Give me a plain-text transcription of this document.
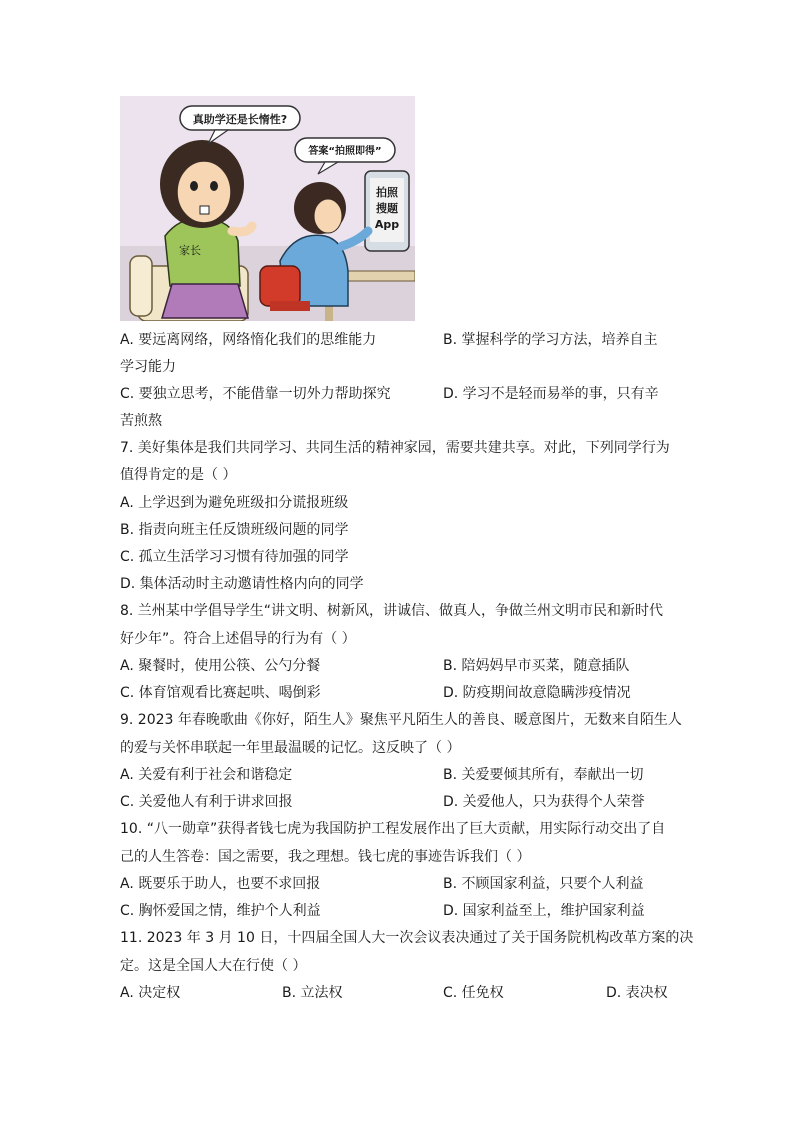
家长
真助学还是长惰性?
答案“拍照即得”
拍照
搜题
App
A. 要远离网络，网络惰化我们的思维能力	B. 掌握科学的学习方法，培养自主
学习能力
C. 要独立思考，不能借靠一切外力帮助探究	D. 学习不是轻而易举的事，只有辛
苦煎熬
7. 美好集体是我们共同学习、共同生活的精神家园，需要共建共享。对此，下列同学行为
值得肯定的是（ ）
A. 上学迟到为避免班级扣分谎报班级
B. 指责向班主任反馈班级问题的同学
C. 孤立生活学习习惯有待加强的同学
D. 集体活动时主动邀请性格内向的同学
8. 兰州某中学倡导学生“讲文明、树新风，讲诚信、做真人，争做兰州文明市民和新时代
好少年”。符合上述倡导的行为有（ ）
A. 聚餐时，使用公筷、公勺分餐	B. 陪妈妈早市买菜，随意插队
C. 体育馆观看比赛起哄、喝倒彩	D. 防疫期间故意隐瞒涉疫情况
9. 2023 年春晚歌曲《你好，陌生人》聚焦平凡陌生人的善良、暖意图片，无数来自陌生人
的爱与关怀串联起一年里最温暖的记忆。这反映了（ ）
A. 关爱有利于社会和谐稳定	B. 关爱要倾其所有，奉献出一切
C. 关爱他人有利于讲求回报	D. 关爱他人，只为获得个人荣誉
10. “八一勋章”获得者钱七虎为我国防护工程发展作出了巨大贡献，用实际行动交出了自
己的人生答卷：国之需要，我之理想。钱七虎的事迹告诉我们（ ）
A. 既要乐于助人，也要不求回报	B. 不顾国家利益，只要个人利益
C. 胸怀爱国之情，维护个人利益	D. 国家利益至上，维护国家利益
11. 2023 年 3 月 10 日，十四届全国人大一次会议表决通过了关于国务院机构改革方案的决
定。这是全国人大在行使（ ）
A. 决定权	B. 立法权	C. 任免权	D. 表决权
